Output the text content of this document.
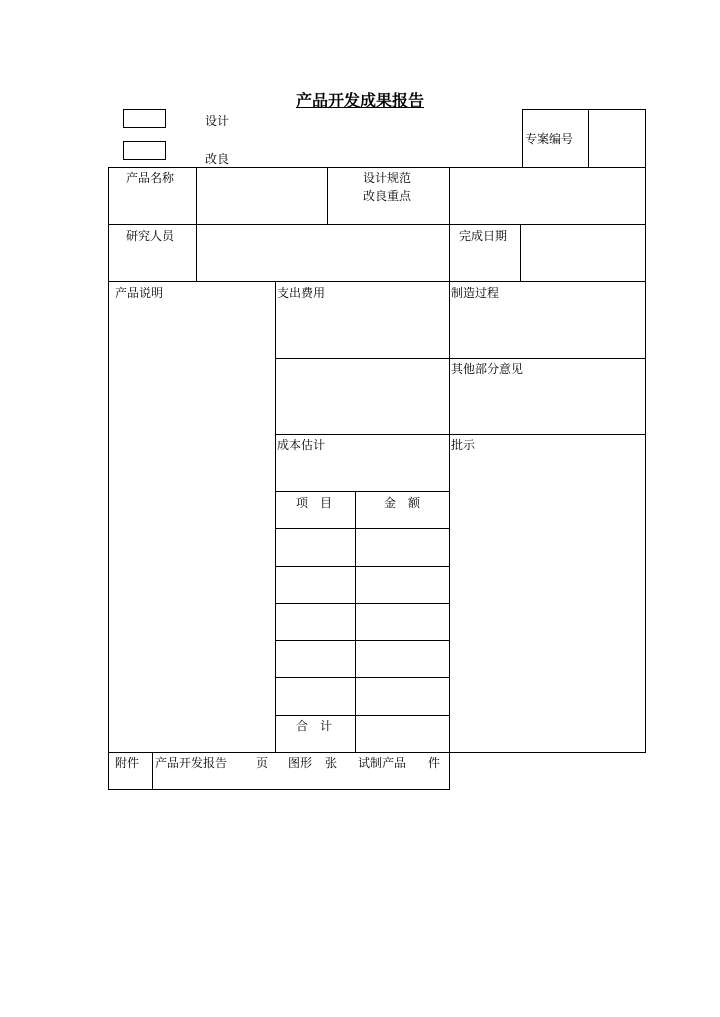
产品开发成果报告
设计
改良
专案编号
产品名称	设计规范
改良重点
研究人员	完成日期
产品说明	支出费用	制造过程
其他部分意见
成本估计	批示
项　目	金　额
合　计
附件 产品开发报告 页 图形 张 试制产品 件
